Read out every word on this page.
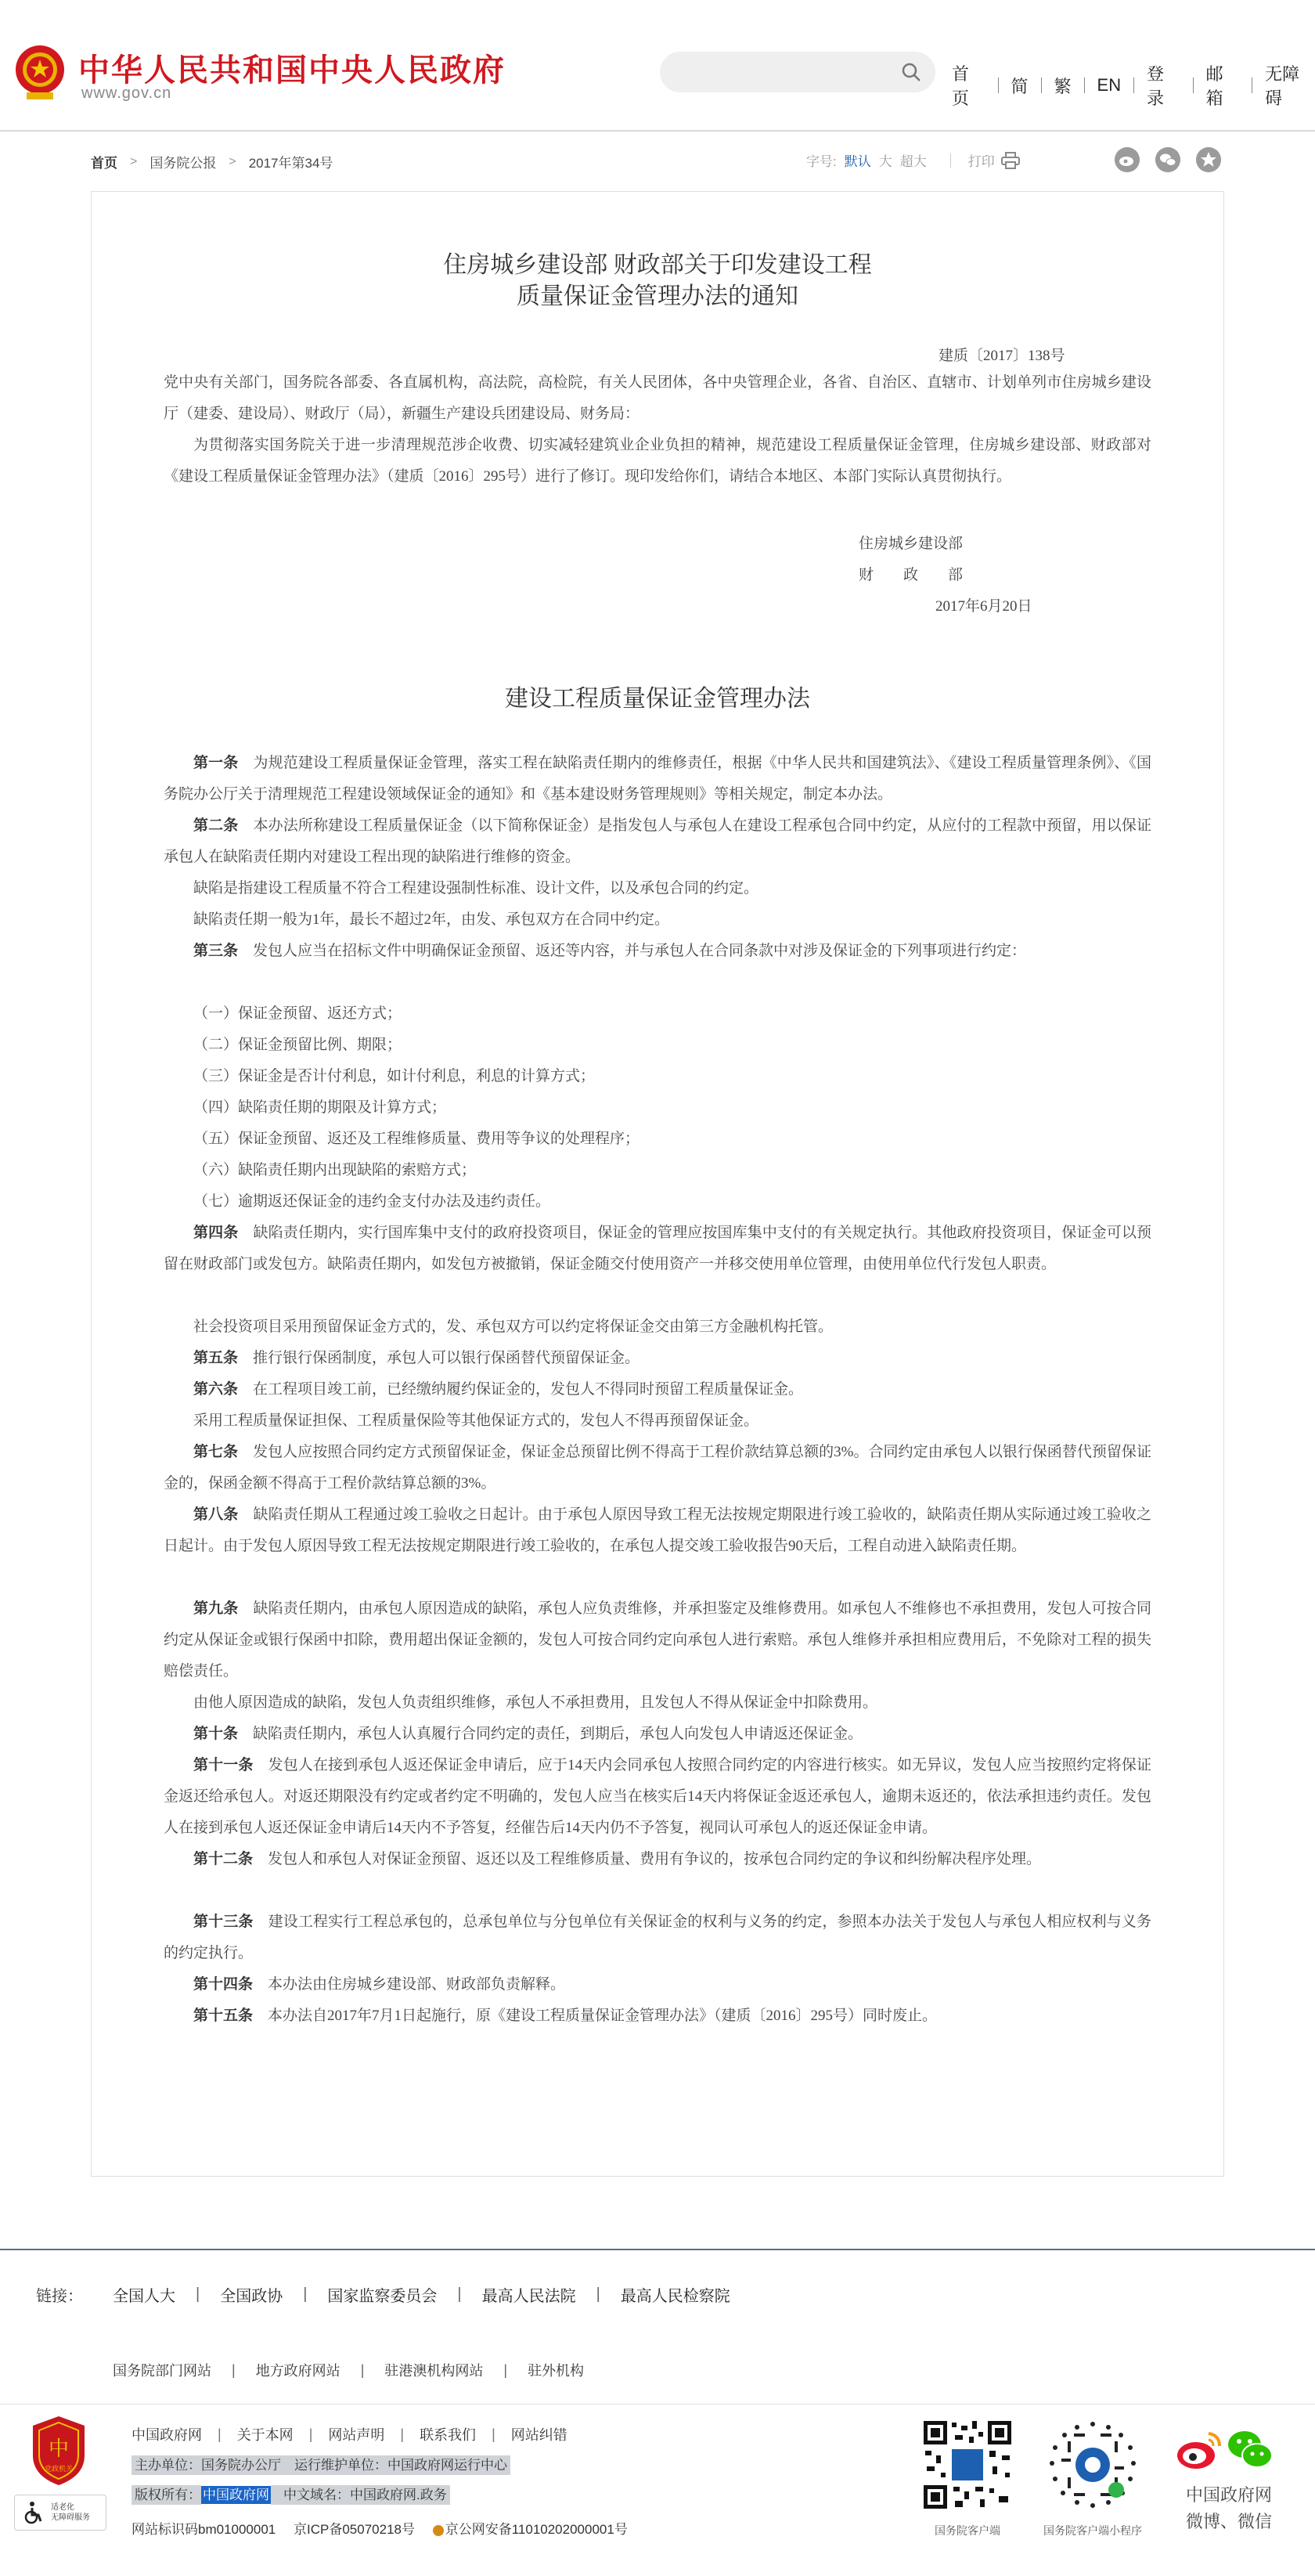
中华人民共和国中央人民政府
www.gov.cn
首页
简	繁	EN
登录
邮箱
无障碍
首页 > 国务院公报 > 2017年第34号	字号: 默认 大 超大	打印
住房城乡建设部 财政部关于印发建设工程
质量保证金管理办法的通知
建质〔2017〕138号
党中央有关部门，国务院各部委、各直属机构，高法院，高检院，有关人民团体，各中央管理企业，各省、自治区、直辖市、计划单列市住房城乡建设厅（建委、建设局）、财政厅（局），新疆生产建设兵团建设局、财务局：
为贯彻落实国务院关于进一步清理规范涉企收费、切实减轻建筑业企业负担的精神，规范建设工程质量保证金管理，住房城乡建设部、财政部对《建设工程质量保证金管理办法》（建质〔2016〕295号）进行了修订。现印发给你们，请结合本地区、本部门实际认真贯彻执行。
住房城乡建设部
财　　政　　部
2017年6月20日
建设工程质量保证金管理办法
第一条　 为规范建设工程质量保证金管理，落实工程在缺陷责任期内的维修责任，根据《中华人民共和国建筑法》、《建设工程质量管理条例》、《国务院办公厅关于清理规范工程建设领域保证金的通知》和《基本建设财务管理规则》等相关规定，制定本办法。
第二条　 本办法所称建设工程质量保证金（以下简称保证金）是指发包人与承包人在建设工程承包合同中约定，从应付的工程款中预留，用以保证承包人在缺陷责任期内对建设工程出现的缺陷进行维修的资金。
缺陷是指建设工程质量不符合工程建设强制性标准、设计文件，以及承包合同的约定。
缺陷责任期一般为1年，最长不超过2年，由发、承包双方在合同中约定。
第三条　 发包人应当在招标文件中明确保证金预留、返还等内容，并与承包人在合同条款中对涉及保证金的下列事项进行约定：
（一）保证金预留、返还方式；
（二）保证金预留比例、期限；
（三）保证金是否计付利息，如计付利息，利息的计算方式；
（四）缺陷责任期的期限及计算方式；
（五）保证金预留、返还及工程维修质量、费用等争议的处理程序；
（六）缺陷责任期内出现缺陷的索赔方式；
（七）逾期返还保证金的违约金支付办法及违约责任。
第四条　 缺陷责任期内，实行国库集中支付的政府投资项目，保证金的管理应按国库集中支付的有关规定执行。其他政府投资项目，保证金可以预留在财政部门或发包方。缺陷责任期内，如发包方被撤销，保证金随交付使用资产一并移交使用单位管理，由使用单位代行发包人职责。
社会投资项目采用预留保证金方式的，发、承包双方可以约定将保证金交由第三方金融机构托管。
第五条　 推行银行保函制度，承包人可以银行保函替代预留保证金。
第六条　 在工程项目竣工前，已经缴纳履约保证金的，发包人不得同时预留工程质量保证金。
采用工程质量保证担保、工程质量保险等其他保证方式的，发包人不得再预留保证金。
第七条　 发包人应按照合同约定方式预留保证金，保证金总预留比例不得高于工程价款结算总额的3%。合同约定由承包人以银行保函替代预留保证金的，保函金额不得高于工程价款结算总额的3%。
第八条　 缺陷责任期从工程通过竣工验收之日起计。由于承包人原因导致工程无法按规定期限进行竣工验收的，缺陷责任期从实际通过竣工验收之日起计。由于发包人原因导致工程无法按规定期限进行竣工验收的，在承包人提交竣工验收报告90天后，工程自动进入缺陷责任期。
第九条　 缺陷责任期内，由承包人原因造成的缺陷，承包人应负责维修，并承担鉴定及维修费用。如承包人不维修也不承担费用，发包人可按合同约定从保证金或银行保函中扣除，费用超出保证金额的，发包人可按合同约定向承包人进行索赔。承包人维修并承担相应费用后，不免除对工程的损失赔偿责任。
由他人原因造成的缺陷，发包人负责组织维修，承包人不承担费用，且发包人不得从保证金中扣除费用。
第十条　 缺陷责任期内，承包人认真履行合同约定的责任，到期后，承包人向发包人申请返还保证金。
第十一条　 发包人在接到承包人返还保证金申请后，应于14天内会同承包人按照合同约定的内容进行核实。如无异议，发包人应当按照约定将保证金返还给承包人。对返还期限没有约定或者约定不明确的，发包人应当在核实后14天内将保证金返还承包人，逾期未返还的，依法承担违约责任。发包人在接到承包人返还保证金申请后14天内不予答复，经催告后14天内仍不予答复，视同认可承包人的返还保证金申请。
第十二条　 发包人和承包人对保证金预留、返还以及工程维修质量、费用有争议的，按承包合同约定的争议和纠纷解决程序处理。
第十三条　 建设工程实行工程总承包的，总承包单位与分包单位有关保证金的权利与义务的约定，参照本办法关于发包人与承包人相应权利与义务的约定执行。
第十四条　 本办法由住房城乡建设部、财政部负责解释。
第十五条　 本办法自2017年7月1日起施行，原《建设工程质量保证金管理办法》（建质〔2016〕295号）同时废止。
链接： 全国人大 | 全国政协 | 国家监察委员会 | 最高人民法院 | 最高人民检察院
国务院部门网站 | 地方政府网站 | 驻港澳机构网站 | 驻外机构
中
党政机关
适老化
无障碍服务
中国政府网 | 关于本网 | 网站声明 | 联系我们 | 网站纠错
主办单位：国务院办公厅　运行维护单位：中国政府网运行中心
版权所有： 中国政府网 中文域名：中国政府网.政务
网站标识码bm01000001 京ICP备05070218号 京公网安备11010202000001号	国务院客户端	国务院客户端小程序
中国政府网
微博、微信
